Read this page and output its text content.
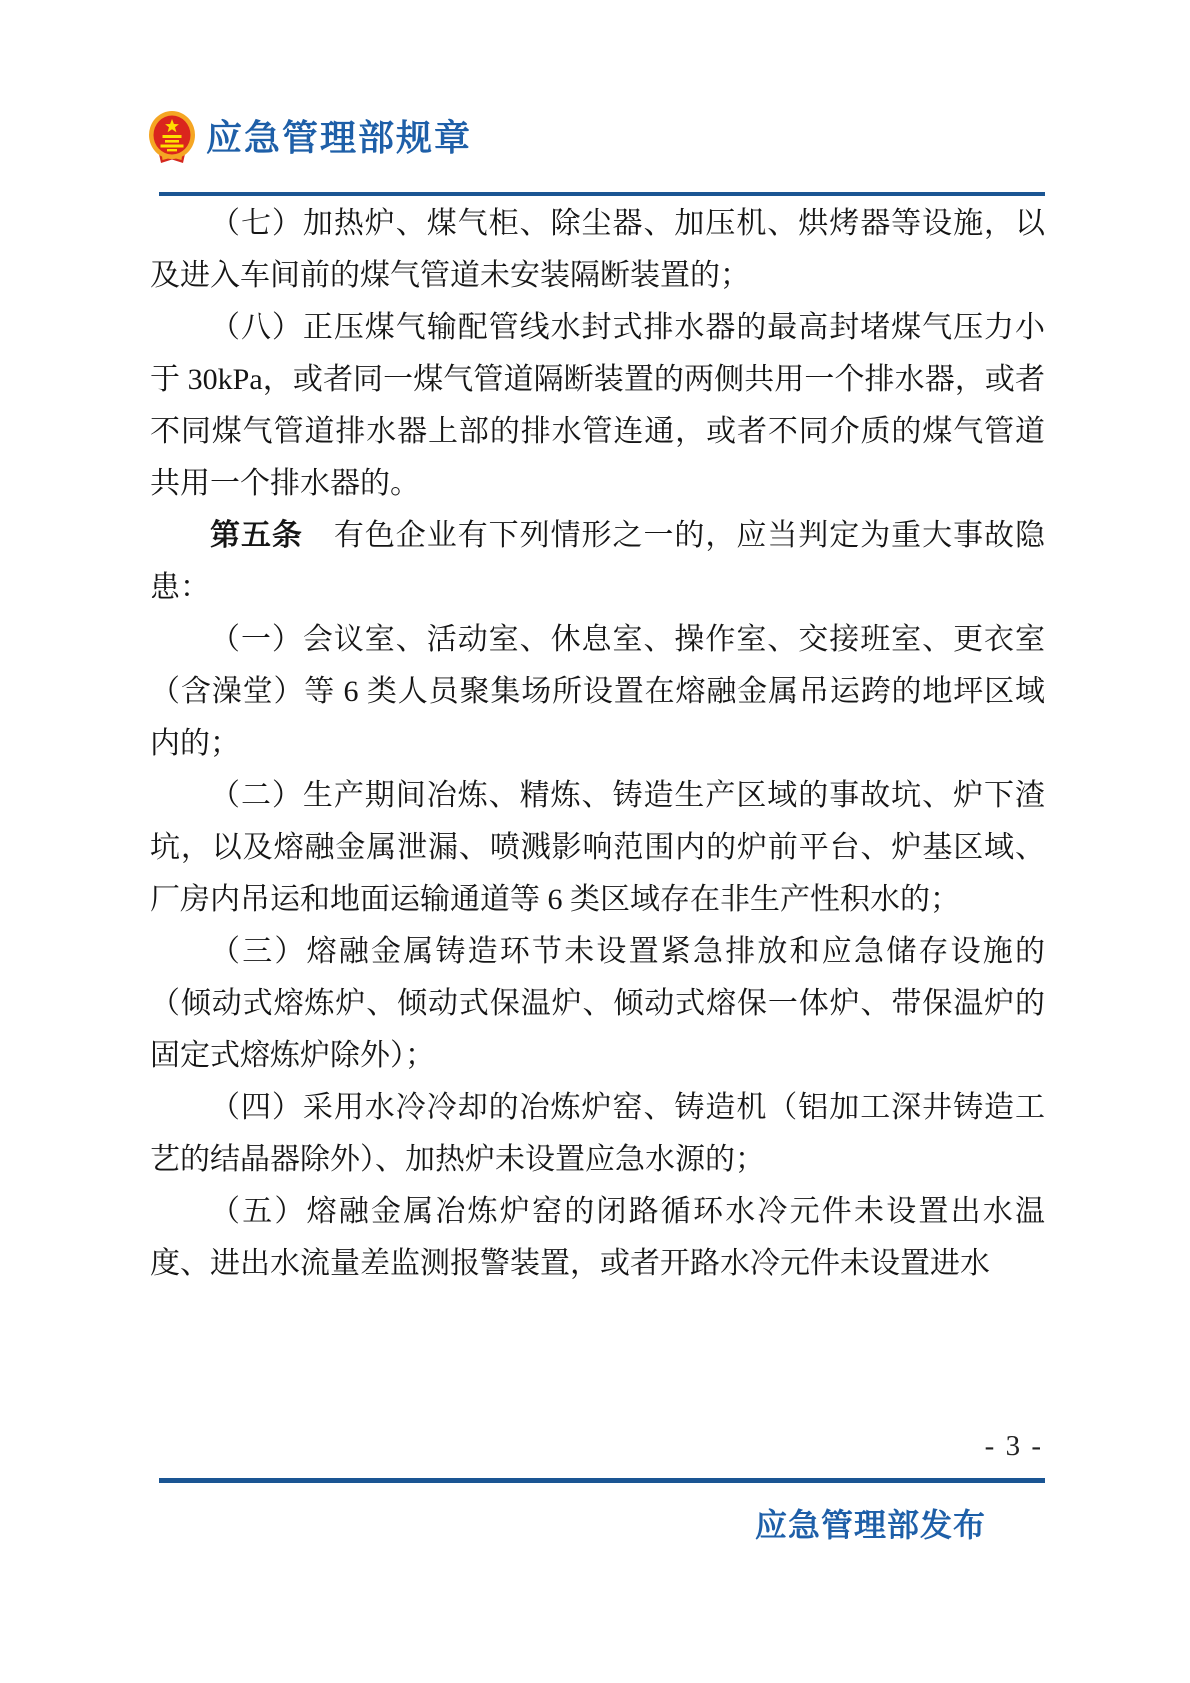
应急管理部规章

（七）加热炉、煤气柜、除尘器、加压机、烘烤器等设施，以及进入车间前的煤气管道未安装隔断装置的；

（八）正压煤气输配管线水封式排水器的最高封堵煤气压力小于 30kPa，或者同一煤气管道隔断装置的两侧共用一个排水器，或者不同煤气管道排水器上部的排水管连通，或者不同介质的煤气管道共用一个排水器的。

第五条　有色企业有下列情形之一的，应当判定为重大事故隐患：

（一）会议室、活动室、休息室、操作室、交接班室、更衣室（含澡堂）等 6 类人员聚集场所设置在熔融金属吊运跨的地坪区域内的；

（二）生产期间冶炼、精炼、铸造生产区域的事故坑、炉下渣坑，以及熔融金属泄漏、喷溅影响范围内的炉前平台、炉基区域、厂房内吊运和地面运输通道等 6 类区域存在非生产性积水的；

（三）熔融金属铸造环节未设置紧急排放和应急储存设施的（倾动式熔炼炉、倾动式保温炉、倾动式熔保一体炉、带保温炉的固定式熔炼炉除外）；

（四）采用水冷冷却的冶炼炉窑、铸造机（铝加工深井铸造工艺的结晶器除外）、加热炉未设置应急水源的；

（五）熔融金属冶炼炉窑的闭路循环水冷元件未设置出水温度、进出水流量差监测报警装置，或者开路水冷元件未设置进水

- 3 -
应急管理部发布
